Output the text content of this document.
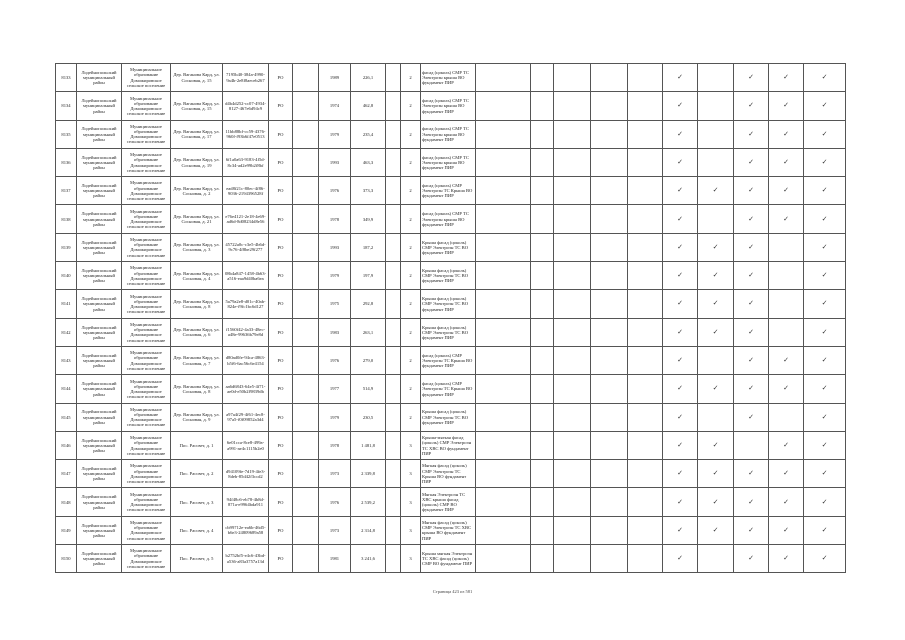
8133	Лодейнопольский муниципальный район	Муниципальное образование Доможировское сельское поселение	Дер. Ваганова Кард, ул. Сосновая, д. 15	7195b40-384a-4990-9a4b-2e8f8aeceb267	РО		1989	226,1		2	фасад (цоколь) СМР ТС Электроэн крыша ВО фундамент ПИР						✓		✓	✓	✓
8134	Лодейнопольский муниципальный район	Муниципальное образование Доможировское сельское поселение	Дер. Ваганова Кард, ул. Сосновая, д. 15	d4b4d252-cc07-4934-8127-467e6d94c9	РО		1974	462,8		2	фасад (цоколь) СМР ТС Электроэн крыша ВО фундамент ПИР						✓		✓	✓	✓
8135	Лодейнопольский муниципальный район	Муниципальное образование Доможировское сельское поселение	Дер. Ваганова Кард, ул. Сосновая, д. 17	11bb88bf-cc59-4376-960f-f93b6f47e0513	РО		1979	235,4		2	фасад (цоколь) СМР ТС Электроэн крыша ВО фундамент ПИР						✓		✓	✓	✓
8136	Лодейнопольский муниципальный район	Муниципальное образование Доможировское сельское поселение	Дер. Ваганова Кард, ул. Сосновая, д. 19	6f1a0a63-9183-4f5d-8c34-ad2e99b2f8bf	РО		1993	463,3		2	фасад (цоколь) СМР ТС Электроэн крыша ВО фундамент ПИР						✓		✓	✓	✓
8137	Лодейнопольский муниципальный район	Муниципальное образование Доможировское сельское поселение	Дер. Ваганова Кард, ул. Сосновая, д. 2	ead8f21c-80ec-4f86-9036-2194396528f	РО		1976	373,3		2	фасад (цоколь) СМР Электроэн ТС Крыша ВО фундамент ПИР						✓	✓	✓	✓	✓
8138	Лодейнопольский муниципальный район	Муниципальное образование Доможировское сельское поселение	Дер. Ваганова Кард, ул. Сосновая, д. 21	e76e4121-2e18-4e69-ad6d-8d08234d8e56	РО		1978	349,9		2	фасад (цоколь) СМР ТС Электроэн крыша ВО фундамент ПИР						✓		✓	✓	✓
8139	Лодейнопольский муниципальный район	Муниципальное образование Доможировское сельское поселение	Дер. Ваганова Кард, ул. Сосновая, д. 3	45722a0c-c3e5-4b6d-9c76-4f8be29f277	РО		1993	187,2		2	Крыша фасад (цоколь) СМР Электроэн ТС ВО фундамент ПИР						✓	✓	✓		✓
8140	Лодейнопольский муниципальный район	Муниципальное образование Доможировское сельское поселение	Дер. Ваганова Кард, ул. Сосновая, д. 4	08b4a847-1458-4b63-a516-eaa9d40ba6ea	РО		1979	197,9		2	Крыша фасад (цоколь) СМР Электроэн ТС ВО фундамент ПИР						✓	✓	✓		✓
8141	Лодейнопольский муниципальный район	Муниципальное образование Доможировское сельское поселение	Дер. Ваганова Кард, ул. Сосновая, д. 8	5a79a2e8-d01c-40ab-824e-f9fc1bc6d127	РО		1975	292,8		2	Крыша фасад (цоколь) СМР Электроэн ТС ВО фундамент ПИР						✓	✓	✓		✓
8142	Лодейнопольский муниципальный район	Муниципальное образование Доможировское сельское поселение	Дер. Ваганова Кард, ул. Сосновая, д. 6	f1560f42-4a33-48ec-a48e-99636b79e8d	РО		1983	263,1		2	Крыша фасад (цоколь) СМР Электроэн ТС ВО фундамент ПИР						✓	✓	✓		✓
8143	Лодейнопольский муниципальный район	Муниципальное образование Доможировское сельское поселение	Дер. Ваганова Кард, ул. Сосновая, д. 7	d80ad0fe-94ca-4863-b5f6-6ac56c6e4154	РО		1976	279,0		2	фасад (цоколь) СМР Электроэн ТС Крыша ВО фундамент ПИР						✓		✓	✓	✓
8144	Лодейнопольский муниципальный район	Муниципальное образование Доможировское сельское поселение	Дер. Ваганова Кард, ул. Сосновая, д. 8	aa6d6843-64e5-4f71-ae0d-e50b2f9839db	РО		1977	514,9		2	фасад (цоколь) СМР Электроэн ТС Крыша ВО фундамент ПИР						✓	✓	✓	✓	✓
8145	Лодейнопольский муниципальный район	Муниципальное образование Доможировское сельское поселение	Дер. Ваганова Кард, ул. Сосновая, д. 9	a97a4f29-4f61-4ec8-97a5-f0f09852a3d4	РО		1979	230,5		2	Крыша фасад (цоколь) СМР Электроэн ТС ВО фундамент ПИР						✓		✓		✓
8146	Лодейнопольский муниципальный район	Муниципальное образование Доможировское сельское поселение	Пос. Рассвет, д. 1	6e01cca-8ce8-499a-a991-ae4c1115b2e0	РО		1978	1 481,8		3	Крыша-мягкая фасад (цоколь) СМР Электроэн ТС ХВС ВО фундамент ПИР						✓	✓		✓	✓
8147	Лодейнопольский муниципальный район	Муниципальное образование Доможировское сельское поселение	Пос. Рассвет, д. 2	d94109fe-7d19-4fe3-8deb-85d42f3ccd2	РО		1973	2 339,8		3	Мягкая фасад (цоколь) СМР Электроэн ТС Крыша ВО фундамент ПИР						✓	✓	✓	✓	✓
8148	Лодейнопольский муниципальный район	Муниципальное образование Доможировское сельское поселение	Пос. Рассвет, д. 3	94f48c6-eb78-4b8d-871a-e9964bda911	РО		1976	2 539,2		3	Мягкая Электроэн ТС ХВС крыша фасад (цоколь) СМР ВО фундамент ПИР						✓	✓	✓	✓	✓
8149	Лодейнопольский муниципальный район	Муниципальное образование Доможировское сельское поселение	Пос. Рассвет, д. 4	cb99712e-ea6b-46d5-b6e3-24809689a58	РО		1973	2 314,8		3	Мягкая фасад (цоколь) СМР Электроэн ТС ХВС крыша ВО фундамент ПИР						✓	✓	✓	✓	✓
8150	Лодейнопольский муниципальный район	Муниципальное образование Доможировское сельское поселение	Пос. Рассвет, д. 5	b2752bf5-e4c6-43bd-a536-a83a3757a13d	РО		1981	3 241,6		3	Крыша мягкая Электроэн ТС ХВС фасад (цоколь) СМР ВО фундамент ПИР						✓		✓	✓	✓
Страница 423 из 581
